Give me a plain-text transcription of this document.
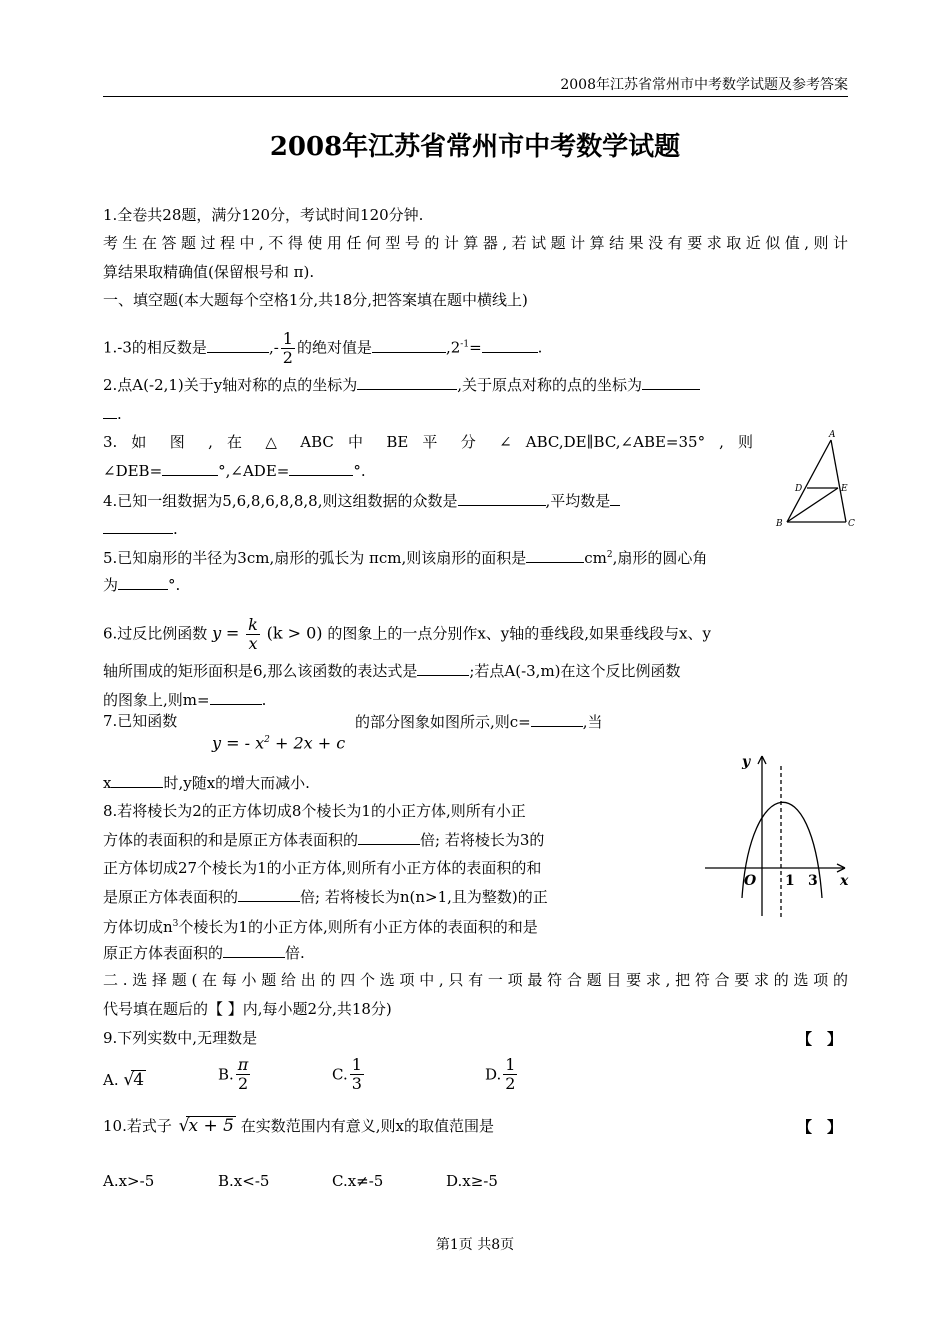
2008年江苏省常州市中考数学试题及参考答案
2008年江苏省常州市中考数学试题
1.全卷共28题，满分120分，考试时间120分钟.
考生在答题过程中,不得使用任何型号的计算器,若试题计算结果没有要求取近似值,则计
算结果取精确值(保留根号和 π).
一、填空题(本大题每个空格1分,共18分,把答案填在题中横线上)
1.-3的相反数是	,- $\frac{1}{2}$ 的绝对值是	$,2^{-1}=$	.
2.点A(-2,1)关于y轴对称的点的坐标为	,关于原点对称的点的坐标为
.
3. 如 图 , 在 △ ABC 中 BE 平 分 ∠ ABC,DE∥BC,∠ABE=35° , 则
∠DEB=	°,∠ADE=	°.
A
B	C
D	E
4.已知一组数据为5,6,8,6,8,8,8,则这组数据的众数是	,平均数是
.
5.已知扇形的半径为3cm,扇形的弧长为 πcm,则该扇形的面积是	$cm^2$,扇形的圆心角
为	°.
6.过反比例函数 $y = \frac{k}{x} (k > 0)$ 的图象上的一点分别作x、y轴的垂线段,如果垂线段与x、y
轴所围成的矩形面积是6,那么该函数的表达式是	;若点A(-3,m)在这个反比例函数
的图象上,则m=	.
7.已知函数
y = - $x^2 + 2x + c$
的部分图象如图所示,则c=	,当
x	时,y随x的增大而减小.
y
x
O 1 3
8.若将棱长为2的正方体切成8个棱长为1的小正方体,则所有小正
方体的表面积的和是原正方体表面积的	倍; 若将棱长为3的
正方体切成27个棱长为1的小正方体,则所有小正方体的表面积的和
是原正方体表面积的	倍; 若将棱长为n(n>1,且为整数)的正
方体切成$n^3$个棱长为1的小正方体,则所有小正方体的表面积的和是
原正方体表面积的	倍.
二.选择题(在每小题给出的四个选项中,只有一项最符合题目要求,把符合要求的选项的
代号填在题后的【 】内,每小题2分,共18分)
9.下列实数中,无理数是	【　】
A. √4	B. $\frac{\pi}{2}$	C. $\frac{1}{3}$	D. $\frac{1}{2}$
10.若式子 √x + 5 在实数范围内有意义,则x的取值范围是	【　】
A.x>-5	B.x<-5	C.x≠-5	D.x≥-5
第1页 共8页
